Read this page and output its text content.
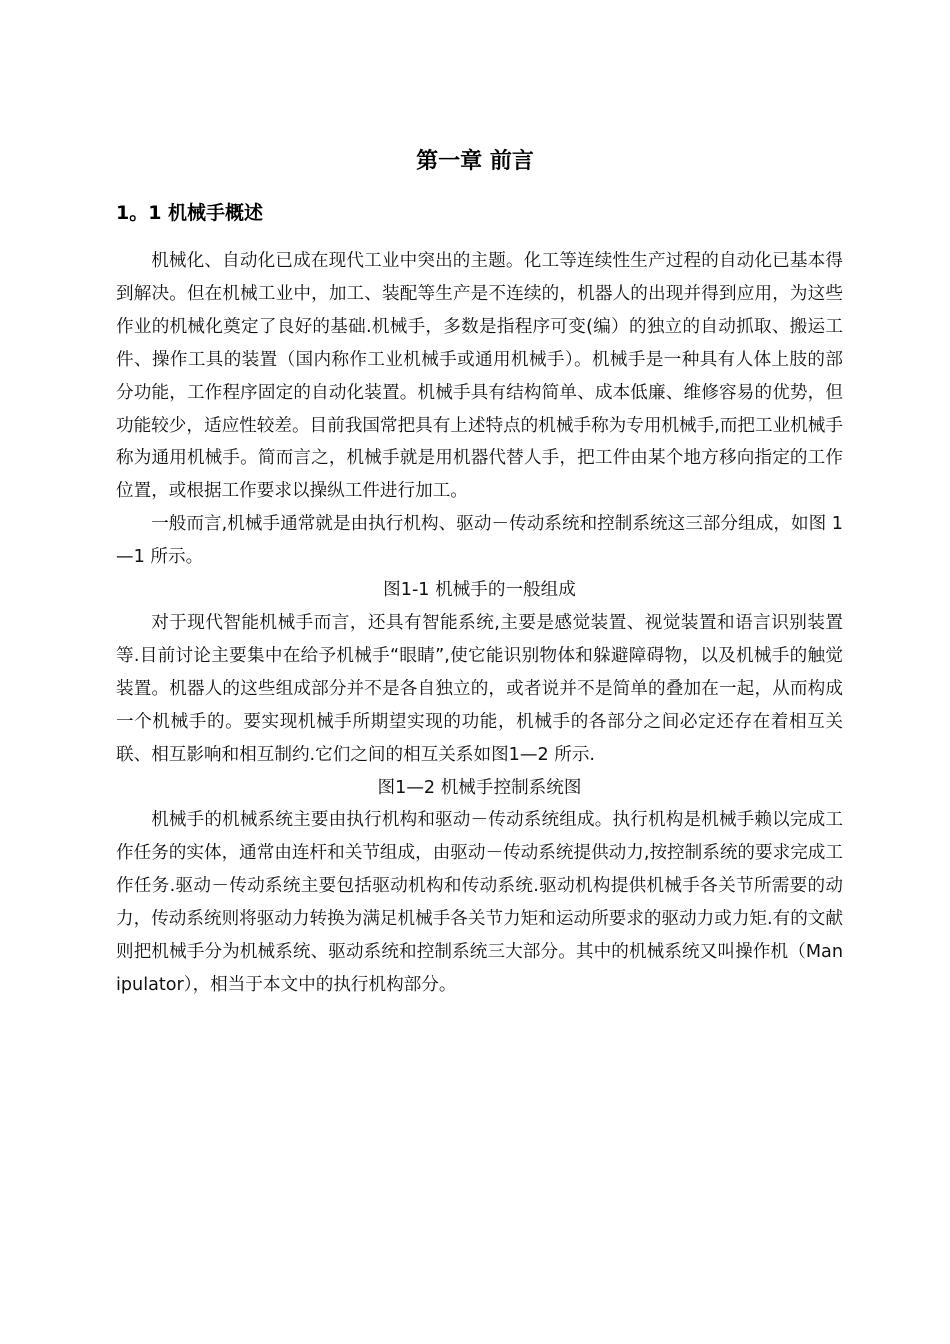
第一章 前言
1。1 机械手概述

机械化、自动化已成在现代工业中突出的主题。化工等连续性生产过程的自动化已基本得到解决。但在机械工业中，加工、装配等生产是不连续的，机器人的出现并得到应用，为这些作业的机械化奠定了良好的基础.机械手，多数是指程序可变(编）的独立的自动抓取、搬运工件、操作工具的装置（国内称作工业机械手或通用机械手）。机械手是一种具有人体上肢的部分功能，工作程序固定的自动化装置。机械手具有结构简单、成本低廉、维修容易的优势，但功能较少，适应性较差。目前我国常把具有上述特点的机械手称为专用机械手,而把工业机械手称为通用机械手。简而言之，机械手就是用机器代替人手，把工件由某个地方移向指定的工作位置，或根据工作要求以操纵工件进行加工。

一般而言,机械手通常就是由执行机构、驱动－传动系统和控制系统这三部分组成，如图 1—1 所示。

图1-1 机械手的一般组成

对于现代智能机械手而言，还具有智能系统,主要是感觉装置、视觉装置和语言识别装置等.目前讨论主要集中在给予机械手“眼睛”,使它能识别物体和躲避障碍物，以及机械手的触觉装置。机器人的这些组成部分并不是各自独立的，或者说并不是简单的叠加在一起，从而构成一个机械手的。要实现机械手所期望实现的功能，机械手的各部分之间必定还存在着相互关联、相互影响和相互制约.它们之间的相互关系如图1—2 所示.

图1—2 机械手控制系统图

机械手的机械系统主要由执行机构和驱动－传动系统组成。执行机构是机械手赖以完成工作任务的实体，通常由连杆和关节组成，由驱动－传动系统提供动力,按控制系统的要求完成工作任务.驱动－传动系统主要包括驱动机构和传动系统.驱动机构提供机械手各关节所需要的动力，传动系统则将驱动力转换为满足机械手各关节力矩和运动所要求的驱动力或力矩.有的文献则把机械手分为机械系统、驱动系统和控制系统三大部分。其中的机械系统又叫操作机（Manipulator），相当于本文中的执行机构部分。
